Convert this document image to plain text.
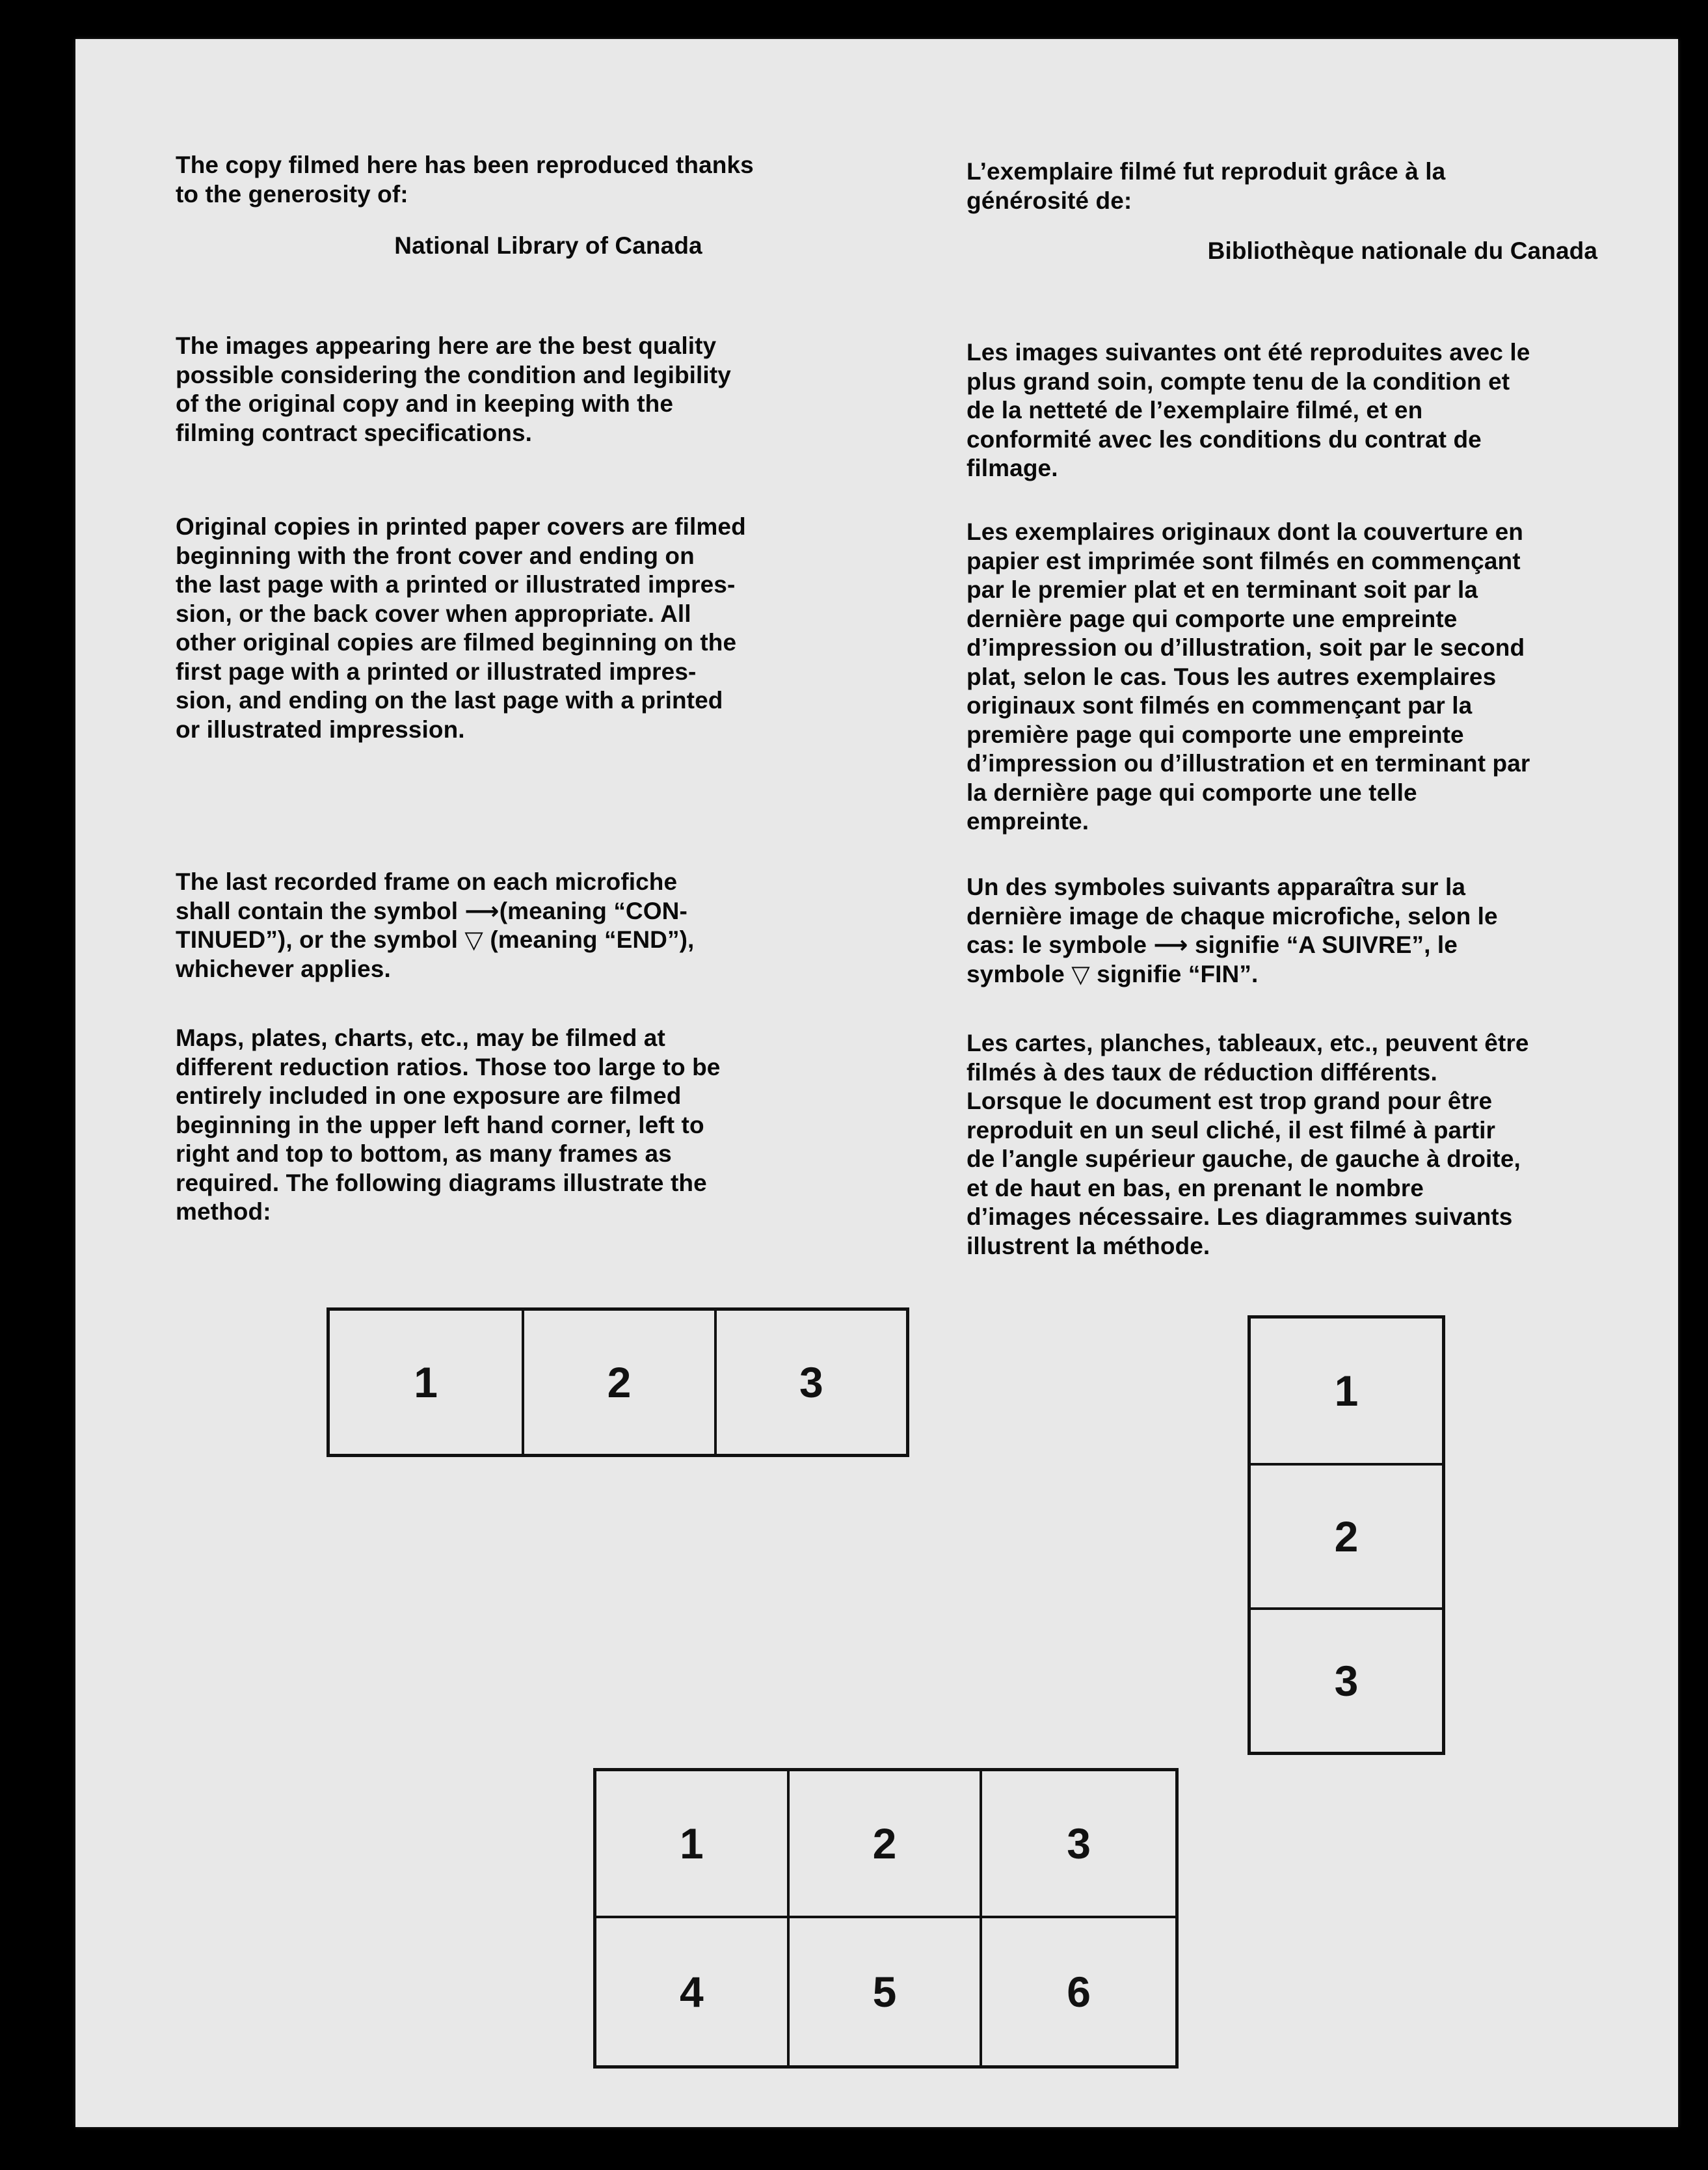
The copy filmed here has been reproduced thanks
to the generosity of:

National Library of Canada

The images appearing here are the best quality
possible considering the condition and legibility
of the original copy and in keeping with the
filming contract specifications.

Original copies in printed paper covers are filmed
beginning with the front cover and ending on
the last page with a printed or illustrated impres-
sion, or the back cover when appropriate. All
other original copies are filmed beginning on the
first page with a printed or illustrated impres-
sion, and ending on the last page with a printed
or illustrated impression.

The last recorded frame on each microfiche
shall contain the symbol ⟶(meaning “CON-
TINUED”), or the symbol ▽ (meaning “END”),
whichever applies.

Maps, plates, charts, etc., may be filmed at
different reduction ratios. Those too large to be
entirely included in one exposure are filmed
beginning in the upper left hand corner, left to
right and top to bottom, as many frames as
required. The following diagrams illustrate the
method:

L’exemplaire filmé fut reproduit grâce à la
générosité de:

Bibliothèque nationale du Canada

Les images suivantes ont été reproduites avec le
plus grand soin, compte tenu de la condition et
de la netteté de l’exemplaire filmé, et en
conformité avec les conditions du contrat de
filmage.

Les exemplaires originaux dont la couverture en
papier est imprimée sont filmés en commençant
par le premier plat et en terminant soit par la
dernière page qui comporte une empreinte
d’impression ou d’illustration, soit par le second
plat, selon le cas. Tous les autres exemplaires
originaux sont filmés en commençant par la
première page qui comporte une empreinte
d’impression ou d’illustration et en terminant par
la dernière page qui comporte une telle
empreinte.

Un des symboles suivants apparaîtra sur la
dernière image de chaque microfiche, selon le
cas: le symbole ⟶ signifie “A SUIVRE”, le
symbole ▽ signifie “FIN”.

Les cartes, planches, tableaux, etc., peuvent être
filmés à des taux de réduction différents.
Lorsque le document est trop grand pour être
reproduit en un seul cliché, il est filmé à partir
de l’angle supérieur gauche, de gauche à droite,
et de haut en bas, en prenant le nombre
d’images nécessaire. Les diagrammes suivants
illustrent la méthode.

1	2	3	1
2
3
1	2	3
4	5	6
